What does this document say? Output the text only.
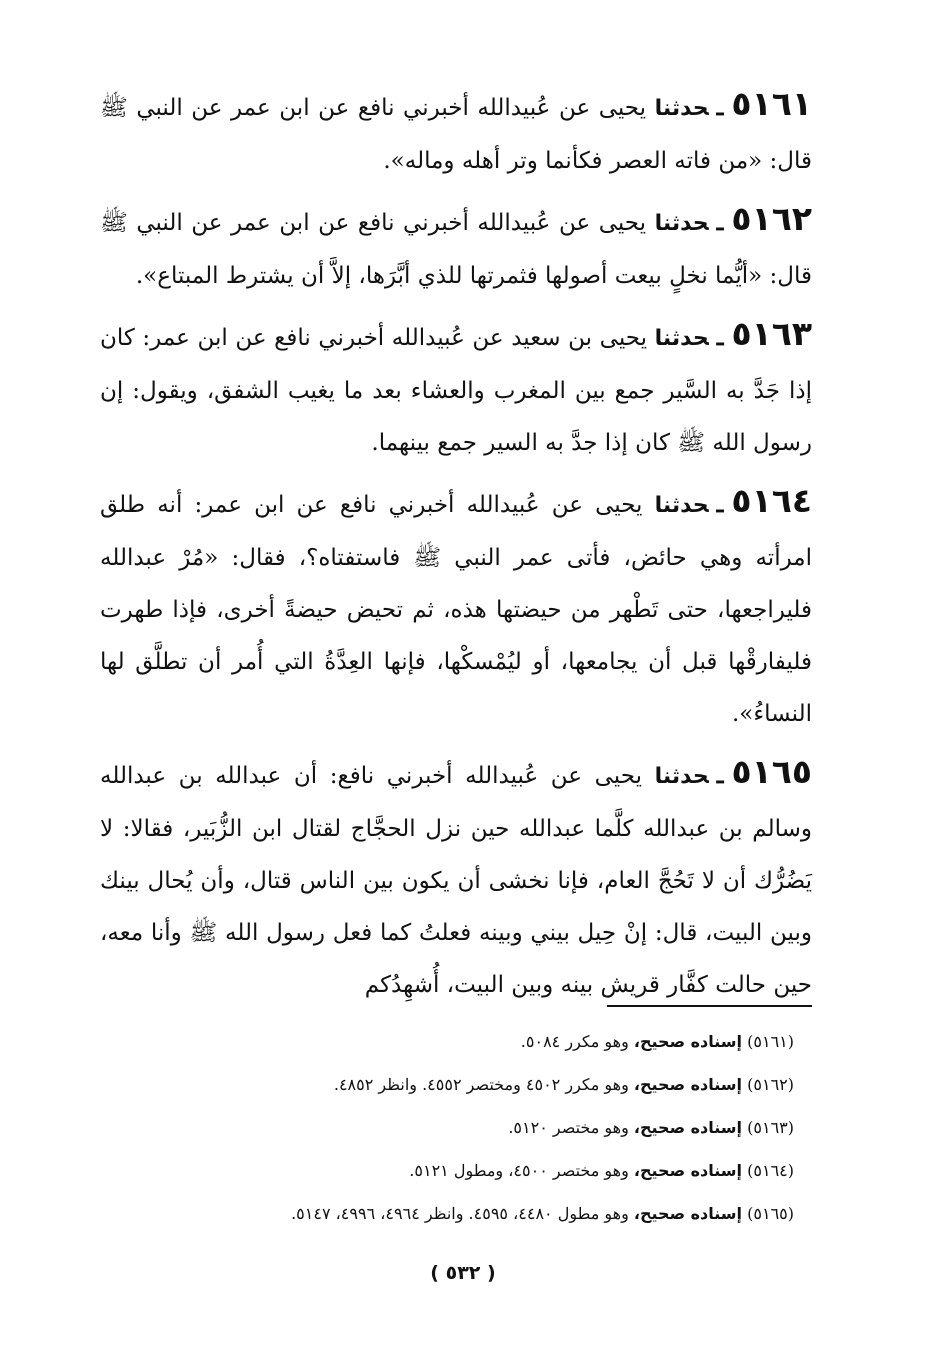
٥١٦١ـحدثنا يحيى عن عُبيدالله أخبرني نافع عن ابن عمر عن النبي ﷺ قال: «من فاته العصر فكأنما وتر أهله وماله».

٥١٦٢ـحدثنا يحيى عن عُبيدالله أخبرني نافع عن ابن عمر عن النبي ﷺ قال: «أيُّما نخلٍ بيعت أصولها فثمرتها للذي أبَّرَها، إلاَّ أن يشترط المبتاع».

٥١٦٣ـحدثنا يحيى بن سعيد عن عُبيدالله أخبرني نافع عن ابن عمر: كان إذا جَدَّ به السَّير جمع بين المغرب والعشاء بعد ما يغيب الشفق، ويقول: إن رسول الله ﷺ كان إذا جدَّ به السير جمع بينهما.

٥١٦٤ـحدثنا يحيى عن عُبيدالله أخبرني نافع عن ابن عمر: أنه طلق امرأته وهي حائض، فأتى عمر النبي ﷺ فاستفتاه؟، فقال: «مُرْ عبدالله فليراجعها، حتى تَطْهر من حيضتها هذه، ثم تحيض حيضةً أخرى، فإذا طهرت فليفارقْها قبل أن يجامعها، أو ليُمْسكْها، فإنها العِدَّةُ التي أُمر أن تطلَّق لها النساءُ».

٥١٦٥ـحدثنا يحيى عن عُبيدالله أخبرني نافع: أن عبدالله بن عبدالله وسالم بن عبدالله كلَّما عبدالله حين نزل الحجَّاج لقتال ابن الزُّبَير، فقالا: لا يَضُرُّك أن لا تَحُجَّ العام، فإنا نخشى أن يكون بين الناس قتال، وأن يُحال بينك وبين البيت، قال: إنْ حِيل بيني وبينه فعلتُ كما فعل رسول الله ﷺ وأنا معه، حين حالت كفَّار قريش بينه وبين البيت، أُشهِدُكم

(٥١٦١) إسناده صحيح، وهو مكرر ٥٠٨٤.
(٥١٦٢) إسناده صحيح، وهو مكرر ٤٥٠٢ ومختصر ٤٥٥٢. وانظر ٤٨٥٢.
(٥١٦٣) إسناده صحيح، وهو مختصر ٥١٢٠.
(٥١٦٤) إسناده صحيح، وهو مختصر ٤٥٠٠، ومطول ٥١٢١.
(٥١٦٥) إسناده صحيح، وهو مطول ٤٤٨٠، ٤٥٩٥. وانظر ٤٩٦٤، ٤٩٩٦، ٥١٤٧.
( ٥٣٢ )
